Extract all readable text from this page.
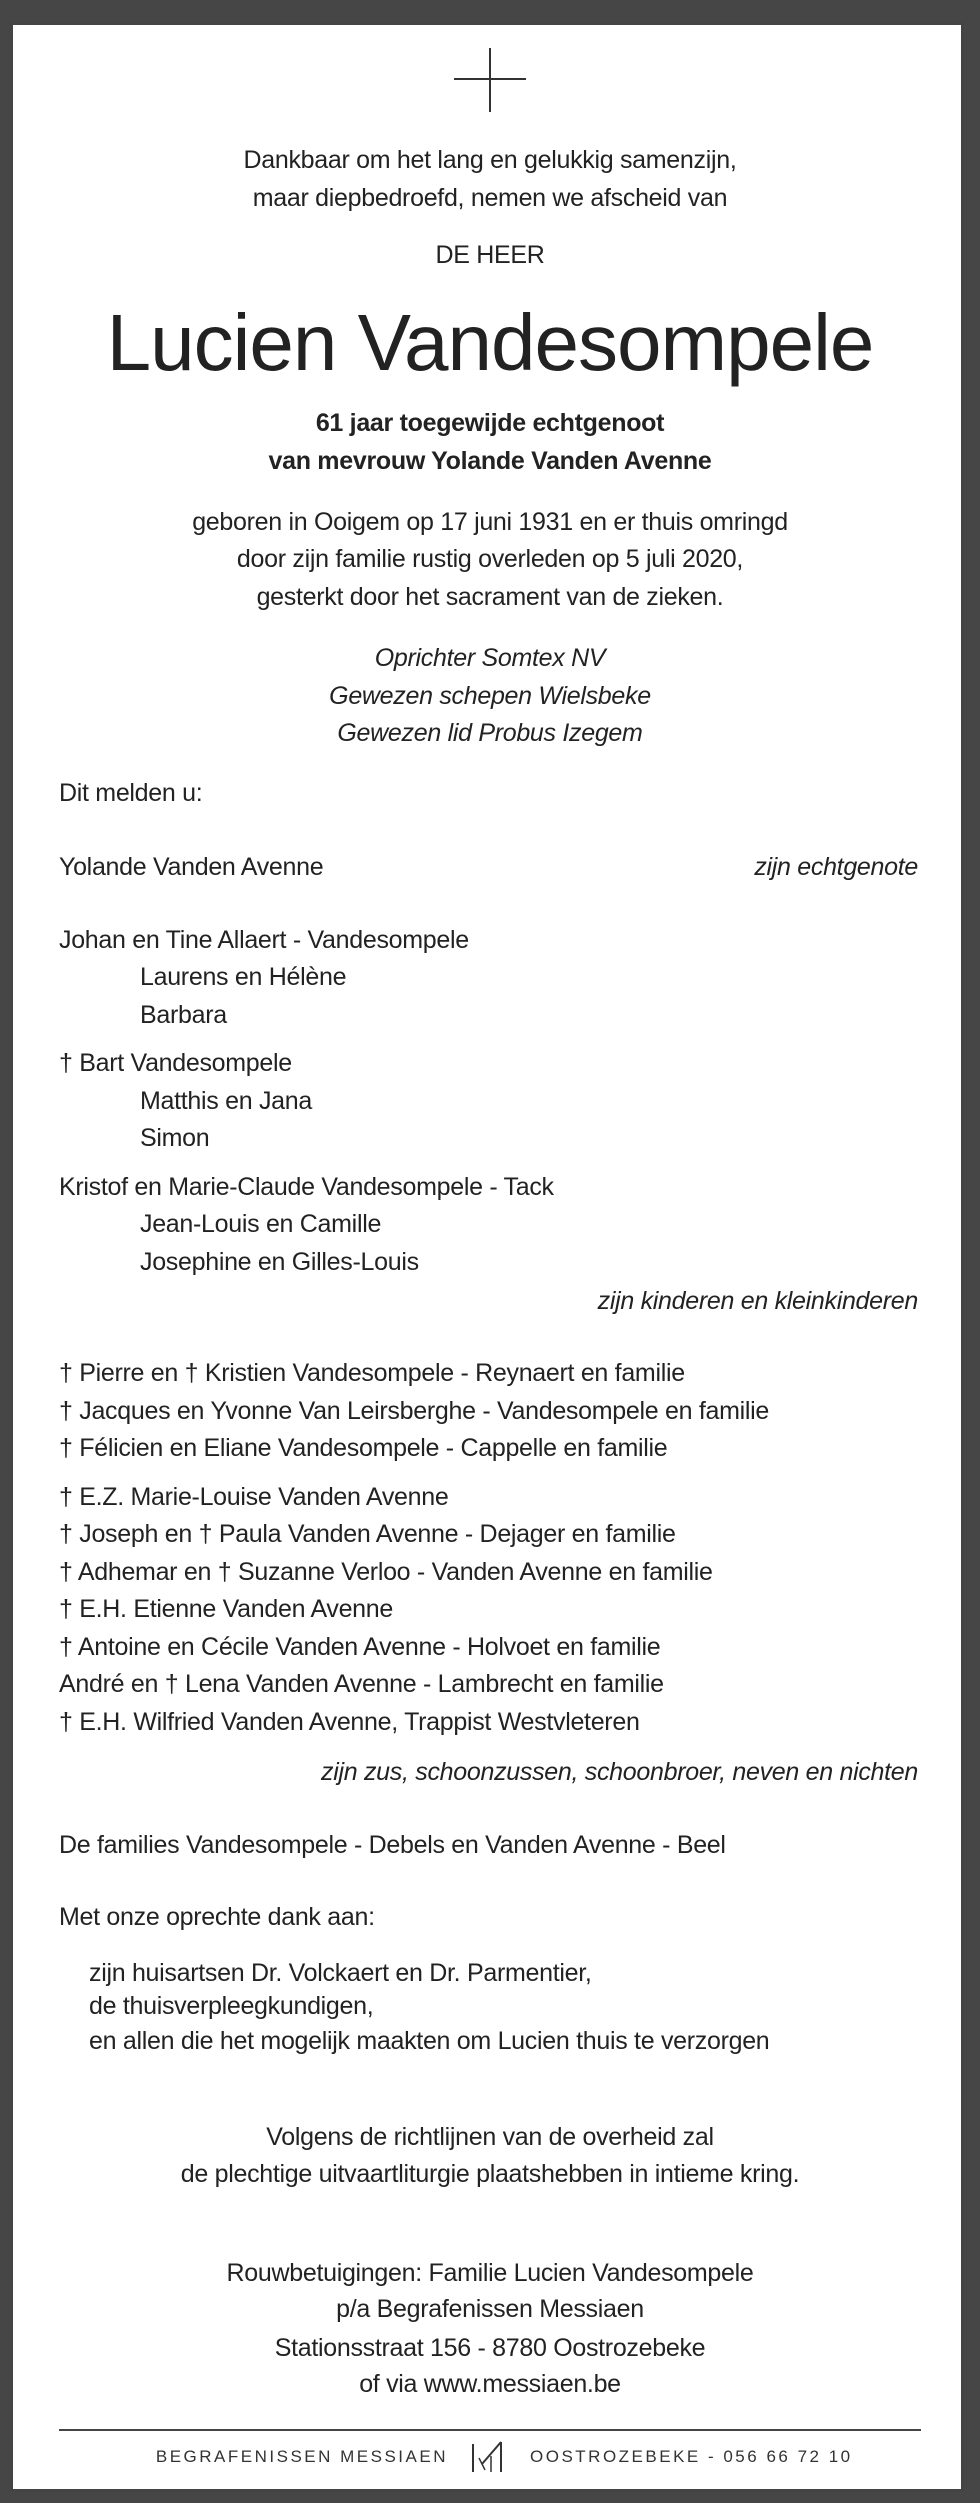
Dankbaar om het lang en gelukkig samenzijn,
maar diepbedroefd, nemen we afscheid van
DE HEER
Lucien Vandesompele
61 jaar toegewijde echtgenoot
van mevrouw Yolande Vanden Avenne
geboren in Ooigem op 17 juni 1931 en er thuis omringd
door zijn familie rustig overleden op 5 juli 2020,
gesterkt door het sacrament van de zieken.
Oprichter Somtex NV
Gewezen schepen Wielsbeke
Gewezen lid Probus Izegem
Dit melden u:
Yolande Vanden Avenne	zijn echtgenote
Johan en Tine Allaert - Vandesompele
Laurens en Hélène
Barbara
† Bart Vandesompele
Matthis en Jana
Simon
Kristof en Marie-Claude Vandesompele - Tack
Jean-Louis en Camille
Josephine en Gilles-Louis
zijn kinderen en kleinkinderen
† Pierre en † Kristien Vandesompele - Reynaert en familie
† Jacques en Yvonne Van Leirsberghe - Vandesompele en familie
† Félicien en Eliane Vandesompele - Cappelle en familie
† E.Z. Marie-Louise Vanden Avenne
† Joseph en † Paula Vanden Avenne - Dejager en familie
† Adhemar en † Suzanne Verloo - Vanden Avenne en familie
† E.H. Etienne Vanden Avenne
† Antoine en Cécile Vanden Avenne - Holvoet en familie
André en † Lena Vanden Avenne - Lambrecht en familie
† E.H. Wilfried Vanden Avenne, Trappist Westvleteren
zijn zus, schoonzussen, schoonbroer, neven en nichten
De families Vandesompele - Debels en Vanden Avenne - Beel
Met onze oprechte dank aan:
zijn huisartsen Dr. Volckaert en Dr. Parmentier,
de thuisverpleegkundigen,
en allen die het mogelijk maakten om Lucien thuis te verzorgen
Volgens de richtlijnen van de overheid zal
de plechtige uitvaartliturgie plaatshebben in intieme kring.
Rouwbetuigingen: Familie Lucien Vandesompele
p/a Begrafenissen Messiaen
Stationsstraat 156 - 8780 Oostrozebeke
of via www.messiaen.be
BEGRAFENISSEN MESSIAEN	OOSTROZEBEKE - 056 66 72 10
